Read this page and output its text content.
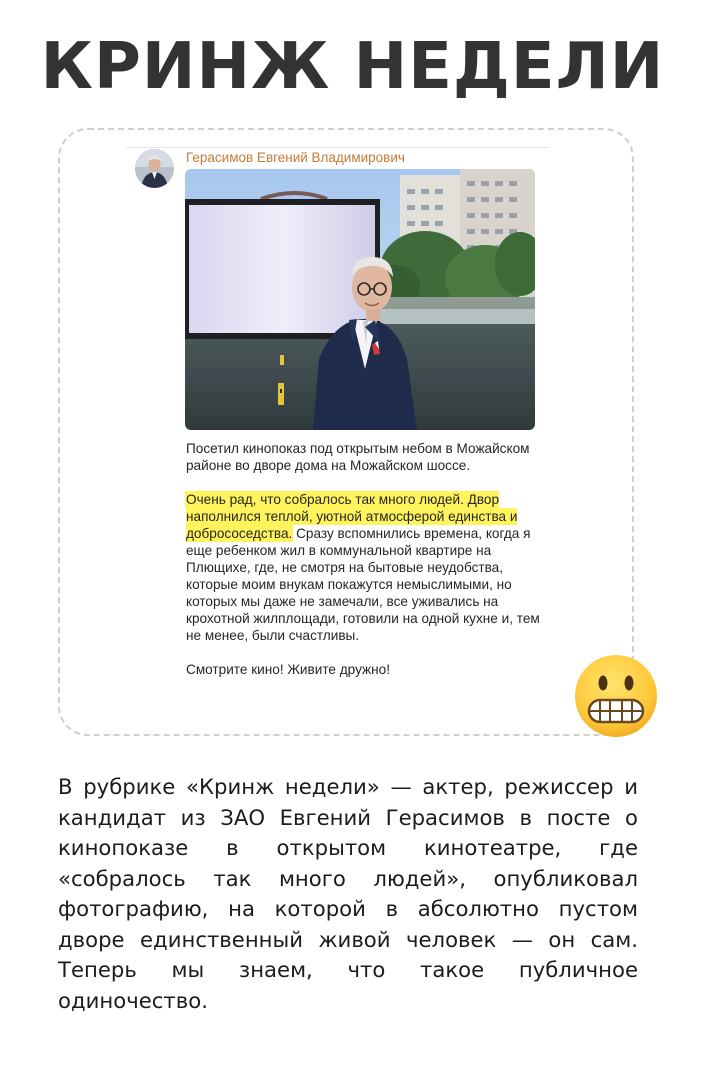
КРИНЖ НЕДЕЛИ
Герасимов Евгений Владимирович

Посетил кинопоказ под открытым небом в Можайском районе во дворе дома на Можайском шоссе.

Очень рад, что собралось так много людей. Двор наполнился теплой, уютной атмосферой единства и добрососедства. Сразу вспомнились времена, когда я еще ребенком жил в коммунальной квартире на Плющихе, где, не смотря на бытовые неудобства, которые моим внукам покажутся немыслимыми, но которых мы даже не замечали, все уживались на крохотной жилплощади, готовили на одной кухне и, тем не менее, были счастливы.

Смотрите кино! Живите дружно!

В рубрике «Кринж недели» — актер, режиссер и кандидат из ЗАО Евгений Герасимов в посте о кинопоказе в открытом кинотеатре, где «собралось так много людей», опубликовал фотографию, на которой в абсолютно пустом дворе единственный живой человек — он сам. Теперь мы знаем, что такое публичное одиночество.
